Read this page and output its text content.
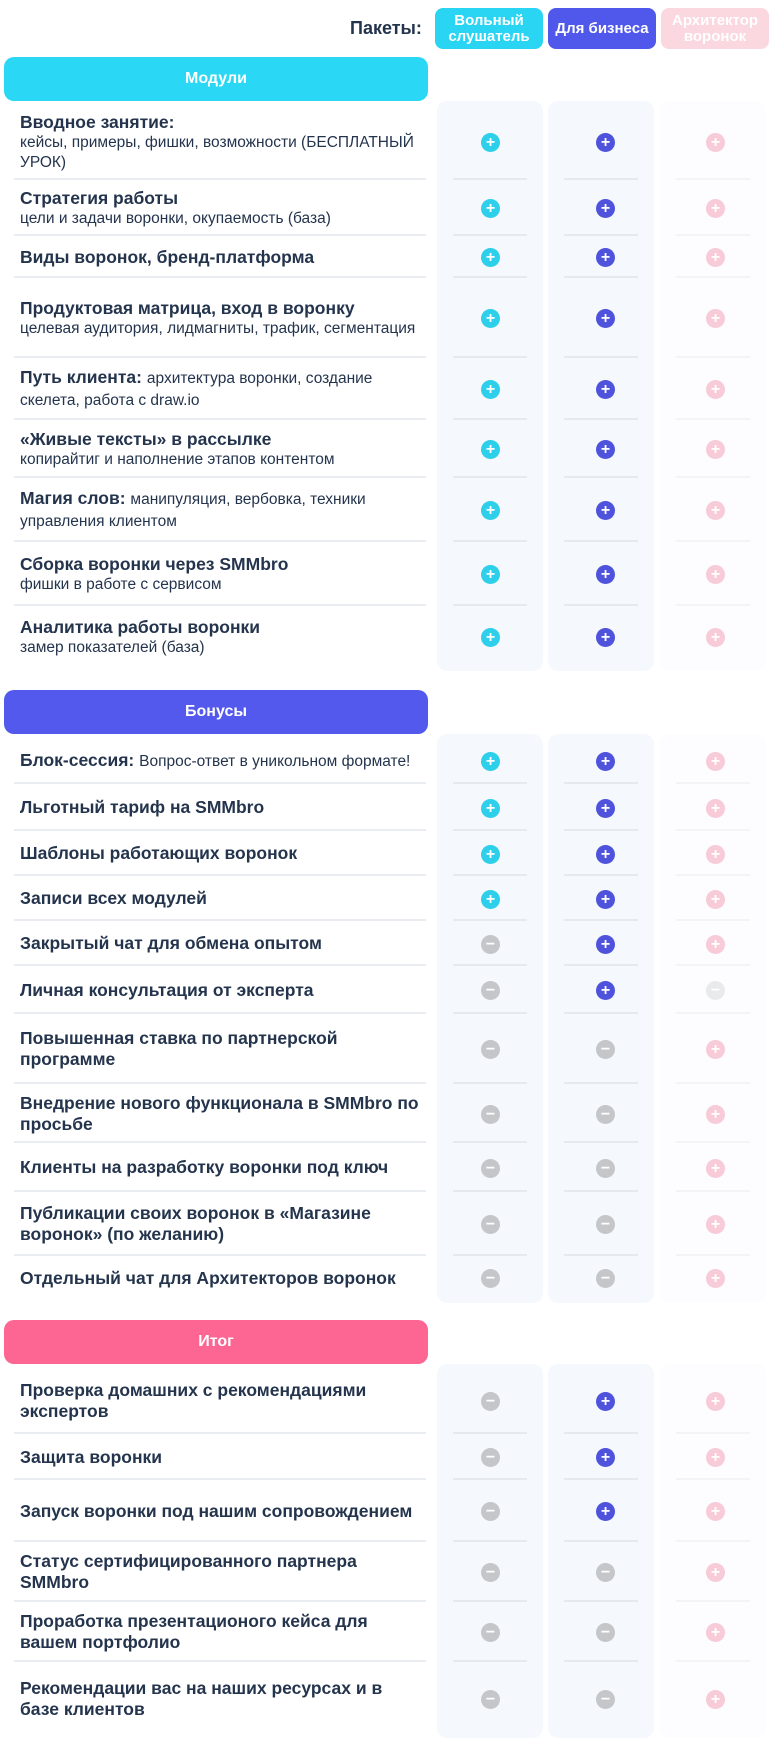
Пакеты:	Вольный слушатель	Для бизнеса	Архитектор воронок
Модули
Вводное занятие:
кейсы, примеры, фишки, возможности (БЕСПЛАТНЫЙ УРОК)
+	+	+
Стратегия работы
цели и задачи воронки, окупаемость (база)
+	+	+
Виды воронок, бренд-платформа	+	+	+
Продуктовая матрица, вход в воронку
целевая аудитория, лидмагниты, трафик, сегментация
+	+	+
Путь клиента: архитектура воронки, создание скелета, работа с draw.io
+	+	+
«Живые тексты» в рассылке
копирайтиг и наполнение этапов контентом
+	+	+
Магия слов: манипуляция, вербовка, техники управления клиентом
+	+	+
Сборка воронки через SMMbro
фишки в работе с сервисом
+	+	+
Аналитика работы воронки
замер показателей (база)
+	+	+
Бонусы
Блок-сессия: Вопрос-ответ в уникольном формате!	+	+	+
Льготный тариф на SMMbro	+	+	+
Шаблоны работающих воронок	+	+	+
Записи всех модулей	+	+	+
Закрытый чат для обмена опытом	−	+	+
Личная консультация от эксперта	−	+	−
Повышенная ставка по партнерской программе	−	−	+
Внедрение нового функционала в SMMbro по просьбе	−	−	+
Клиенты на разработку воронки под ключ	−	−	+
Публикации своих воронок в «Магазине воронок» (по желанию)	−	−	+
Отдельный чат для Архитекторов воронок	−	−	+
Итог
Проверка домашних с рекомендациями экспертов	−	+	+
Защита воронки	−	+	+
Запуск воронки под нашим сопровождением	−	+	+
Статус сертифицированного партнера SMMbro	−	−	+
Проработка презентационого кейса для вашем портфолио	−	−	+
Рекомендации вас на наших ресурсах и в базе клиентов	−	−	+
